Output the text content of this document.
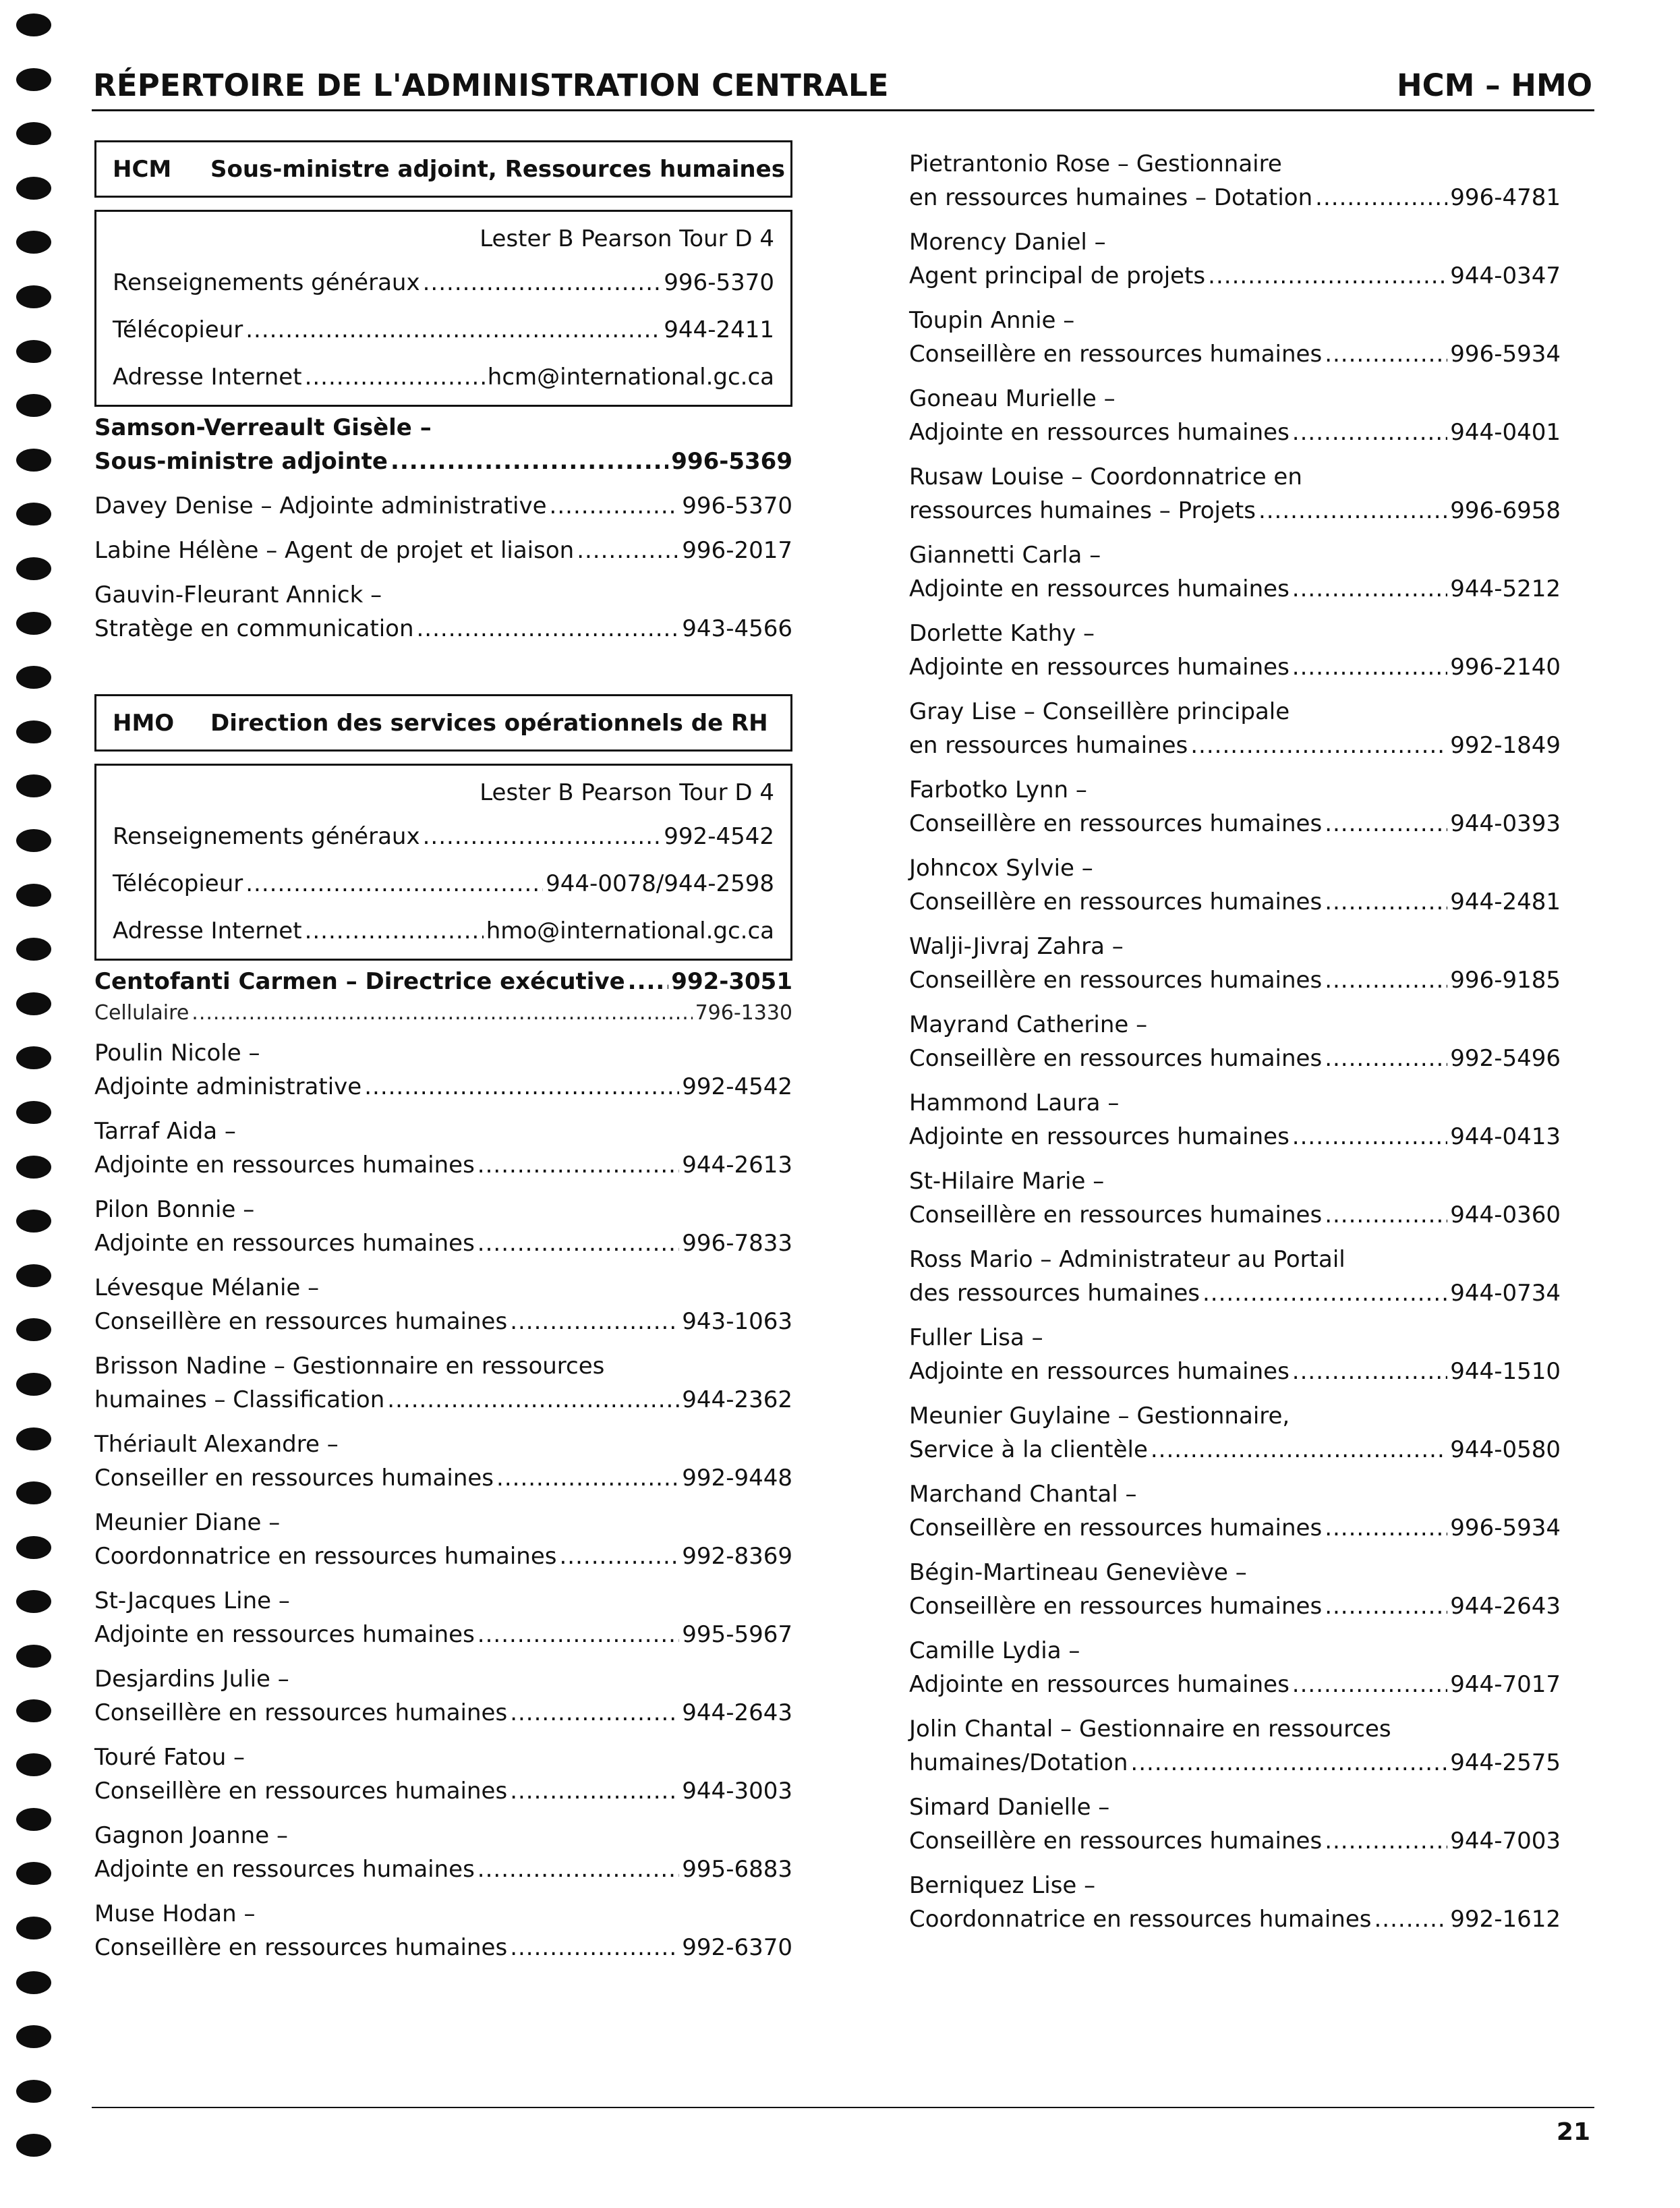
RÉPERTOIRE DE L'ADMINISTRATION CENTRALE	HCM – HMO
HCM	Sous-ministre adjoint, Ressources humaines
Lester B Pearson Tour D 4
Renseignements généraux .....	996-5370
Télécopieur .....	944-2411
Adresse Internet .....	hcm@international.gc.ca
Samson-Verreault Gisèle –
Sous-ministre adjointe .....	996-5369
Davey Denise – Adjointe administrative .....	996-5370
Labine Hélène – Agent de projet et liaison .....	996-2017
Gauvin-Fleurant Annick –
Stratège en communication .....	943-4566
HMO	Direction des services opérationnels de RH
Lester B Pearson Tour D 4
Renseignements généraux .....	992-4542
Télécopieur .....	944-0078/944-2598
Adresse Internet .....	hmo@international.gc.ca
Centofanti Carmen – Directrice exécutive ..... 992-3051
Cellulaire .....	796-1330
Poulin Nicole –
Adjointe administrative .....	992-4542
Tarraf Aida –
Adjointe en ressources humaines .....	944-2613
Pilon Bonnie –
Adjointe en ressources humaines .....	996-7833
Lévesque Mélanie –
Conseillère en ressources humaines .....	943-1063
Brisson Nadine – Gestionnaire en ressources
humaines – Classification .....	944-2362
Thériault Alexandre –
Conseiller en ressources humaines .....	992-9448
Meunier Diane –
Coordonnatrice en ressources humaines .....	992-8369
St-Jacques Line –
Adjointe en ressources humaines .....	995-5967
Desjardins Julie –
Conseillère en ressources humaines .....	944-2643
Touré Fatou –
Conseillère en ressources humaines .....	944-3003
Gagnon Joanne –
Adjointe en ressources humaines .....	995-6883
Muse Hodan –
Conseillère en ressources humaines .....	992-6370
Pietrantonio Rose – Gestionnaire
en ressources humaines – Dotation .....	996-4781
Morency Daniel –
Agent principal de projets .....	944-0347
Toupin Annie –
Conseillère en ressources humaines .....	996-5934
Goneau Murielle –
Adjointe en ressources humaines .....	944-0401
Rusaw Louise – Coordonnatrice en
ressources humaines – Projets .....	996-6958
Giannetti Carla –
Adjointe en ressources humaines .....	944-5212
Dorlette Kathy –
Adjointe en ressources humaines .....	996-2140
Gray Lise – Conseillère principale
en ressources humaines .....	992-1849
Farbotko Lynn –
Conseillère en ressources humaines .....	944-0393
Johncox Sylvie –
Conseillère en ressources humaines .....	944-2481
Walji-Jivraj Zahra –
Conseillère en ressources humaines .....	996-9185
Mayrand Catherine –
Conseillère en ressources humaines .....	992-5496
Hammond Laura –
Adjointe en ressources humaines .....	944-0413
St-Hilaire Marie –
Conseillère en ressources humaines .....	944-0360
Ross Mario – Administrateur au Portail
des ressources humaines .....	944-0734
Fuller Lisa –
Adjointe en ressources humaines .....	944-1510
Meunier Guylaine – Gestionnaire,
Service à la clientèle .....	944-0580
Marchand Chantal –
Conseillère en ressources humaines .....	996-5934
Bégin-Martineau Geneviève –
Conseillère en ressources humaines .....	944-2643
Camille Lydia –
Adjointe en ressources humaines .....	944-7017
Jolin Chantal – Gestionnaire en ressources
humaines/Dotation .....	944-2575
Simard Danielle –
Conseillère en ressources humaines .....	944-7003
Berniquez Lise –
Coordonnatrice en ressources humaines .....	992-1612
21
